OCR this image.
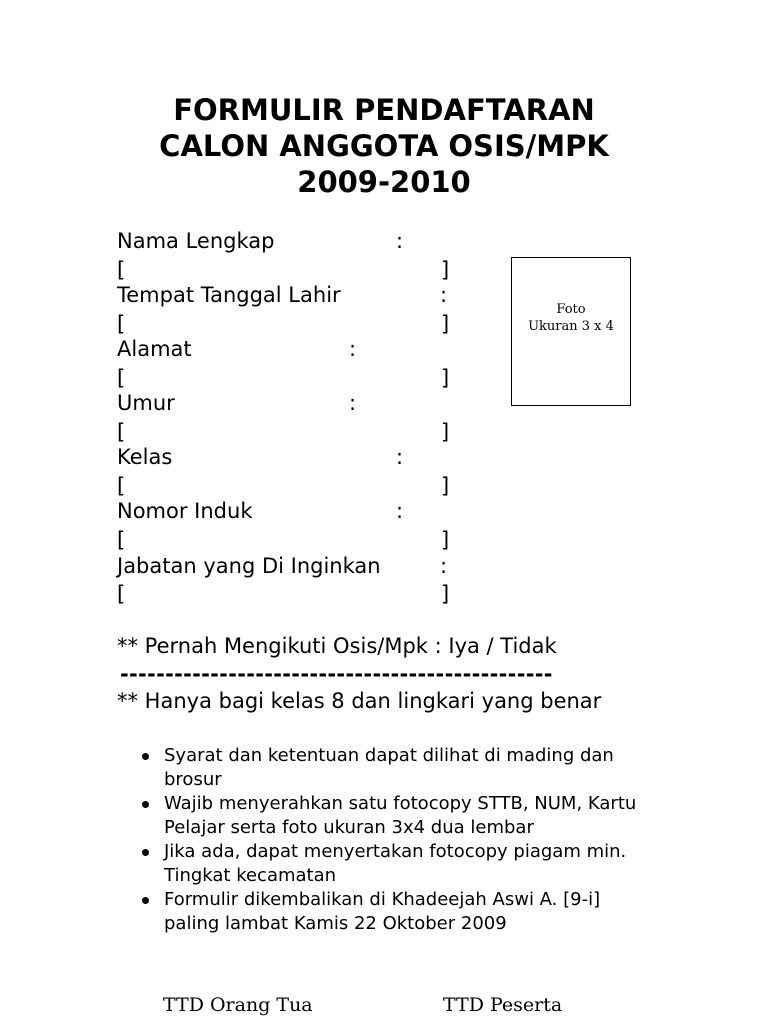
FORMULIR PENDAFTARAN
CALON ANGGOTA OSIS/MPK
2009-2010
Nama Lengkap	:
[	]
Tempat Tanggal Lahir	:
[	]
Alamat	:
[	]
Umur	:
[	]
Kelas	:
[	]
Nomor Induk	:
[	]
Jabatan yang Di Inginkan	:
[	]
Foto
Ukuran 3 x 4
** Pernah Mengikuti Osis/Mpk : Iya / Tidak
------------------------------------------------
** Hanya bagi kelas 8 dan lingkari yang benar
Syarat dan ketentuan dapat dilihat di mading dan brosur
Wajib menyerahkan satu fotocopy STTB, NUM, Kartu Pelajar serta foto ukuran 3x4 dua lembar
Jika ada, dapat menyertakan fotocopy piagam min. Tingkat kecamatan
Formulir dikembalikan di Khadeejah Aswi A. [9-i] paling lambat Kamis 22 Oktober 2009
TTD Orang Tua	TTD Peserta
